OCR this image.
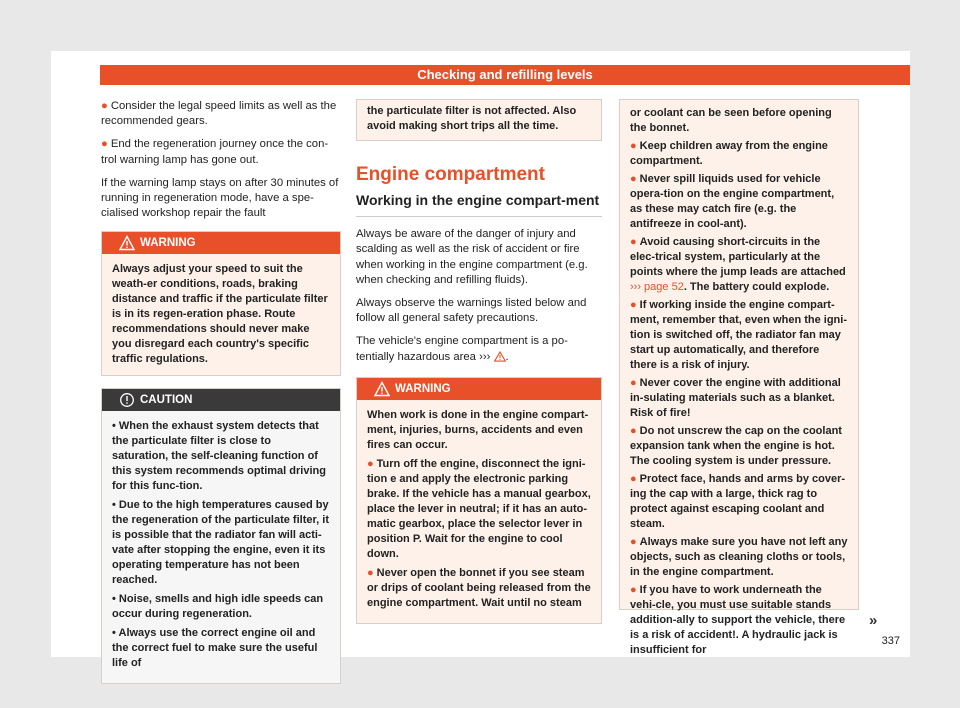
Checking and refilling levels

● Consider the legal speed limits as well as the recommended gears.

● End the regeneration journey once the con-trol warning lamp has gone out.

If the warning lamp stays on after 30 minutes of running in regeneration mode, have a spe-cialised workshop repair the fault

WARNING
Always adjust your speed to suit the weath-er conditions, roads, braking distance and traffic if the particulate filter is in its regen-eration phase. Route recommendations should never make you disregard each country's specific traffic regulations.
CAUTION

• When the exhaust system detects that the particulate filter is close to saturation, the self-cleaning function of this system recommends optimal driving for this func-tion.

• Due to the high temperatures caused by the regeneration of the particulate filter, it is possible that the radiator fan will acti-vate after stopping the engine, even it its operating temperature has not been reached.

• Noise, smells and high idle speeds can occur during regeneration.

• Always use the correct engine oil and the correct fuel to make sure the useful life of

the particulate filter is not affected. Also avoid making short trips all the time.
Engine compartment
Working in the engine compart-ment

Always be aware of the danger of injury and scalding as well as the risk of accident or fire when working in the engine compartment (e.g. when checking and refilling fluids).

Always observe the warnings listed below and follow all general safety precautions.

The vehicle's engine compartment is a po-tentially hazardous area ››› .

WARNING

When work is done in the engine compart-ment, injuries, burns, accidents and even fires can occur.

● Turn off the engine, disconnect the igni-tion e and apply the electronic parking brake. If the vehicle has a manual gearbox, place the lever in neutral; if it has an auto-matic gearbox, place the selector lever in position P. Wait for the engine to cool down.

● Never open the bonnet if you see steam or drips of coolant being released from the engine compartment. Wait until no steam

or coolant can be seen before opening the bonnet.

● Keep children away from the engine compartment.

● Never spill liquids used for vehicle opera-tion on the engine compartment, as these may catch fire (e.g. the antifreeze in cool-ant).

● Avoid causing short-circuits in the elec-trical system, particularly at the points where the jump leads are attached ››› page 52. The battery could explode.

● If working inside the engine compart-ment, remember that, even when the igni-tion is switched off, the radiator fan may start up automatically, and therefore there is a risk of injury.

● Never cover the engine with additional in-sulating materials such as a blanket. Risk of fire!

● Do not unscrew the cap on the coolant expansion tank when the engine is hot. The cooling system is under pressure.

● Protect face, hands and arms by cover-ing the cap with a large, thick rag to protect against escaping coolant and steam.

● Always make sure you have not left any objects, such as cleaning cloths or tools, in the engine compartment.

● If you have to work underneath the vehi-cle, you must use suitable stands addition-ally to support the vehicle, there is a risk of accident!. A hydraulic jack is insufficient for

»
337
